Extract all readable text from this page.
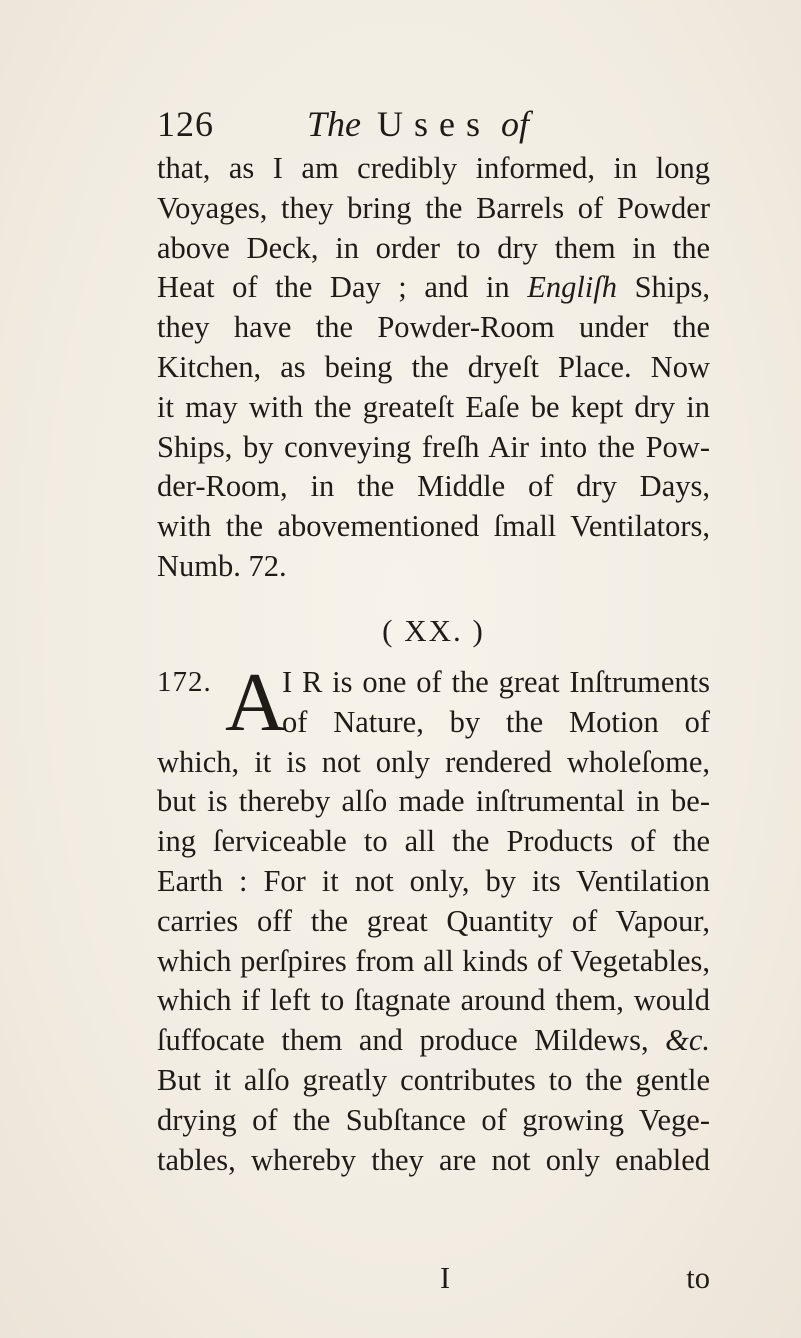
126	The Uses of
that, as I am credibly informed, in long
Voyages, they bring the Barrels of Powder
above Deck, in order to dry them in the
Heat of the Day ; and in Engliſh Ships,
they have the Powder-Room under the
Kitchen, as being the dryeſt Place. Now
it may with the greateſt Eaſe be kept dry in
Ships, by conveying freſh Air into the Pow-
der-Room, in the Middle of dry Days,
with the abovementioned ſmall Ventilators,
Numb. 72.
( XX. )
172. A
I R is one of the great Inſtruments
of Nature, by the Motion of
which, it is not only rendered wholeſome,
but is thereby alſo made inſtrumental in be-
ing ſerviceable to all the Products of the
Earth : For it not only, by its Ventilation
carries off the great Quantity of Vapour,
which perſpires from all kinds of Vegetables,
which if left to ſtagnate around them, would
ſuffocate them and produce Mildews, &c.
But it alſo greatly contributes to the gentle
drying of the Subſtance of growing Vege-
tables, whereby they are not only enabled
I	to
